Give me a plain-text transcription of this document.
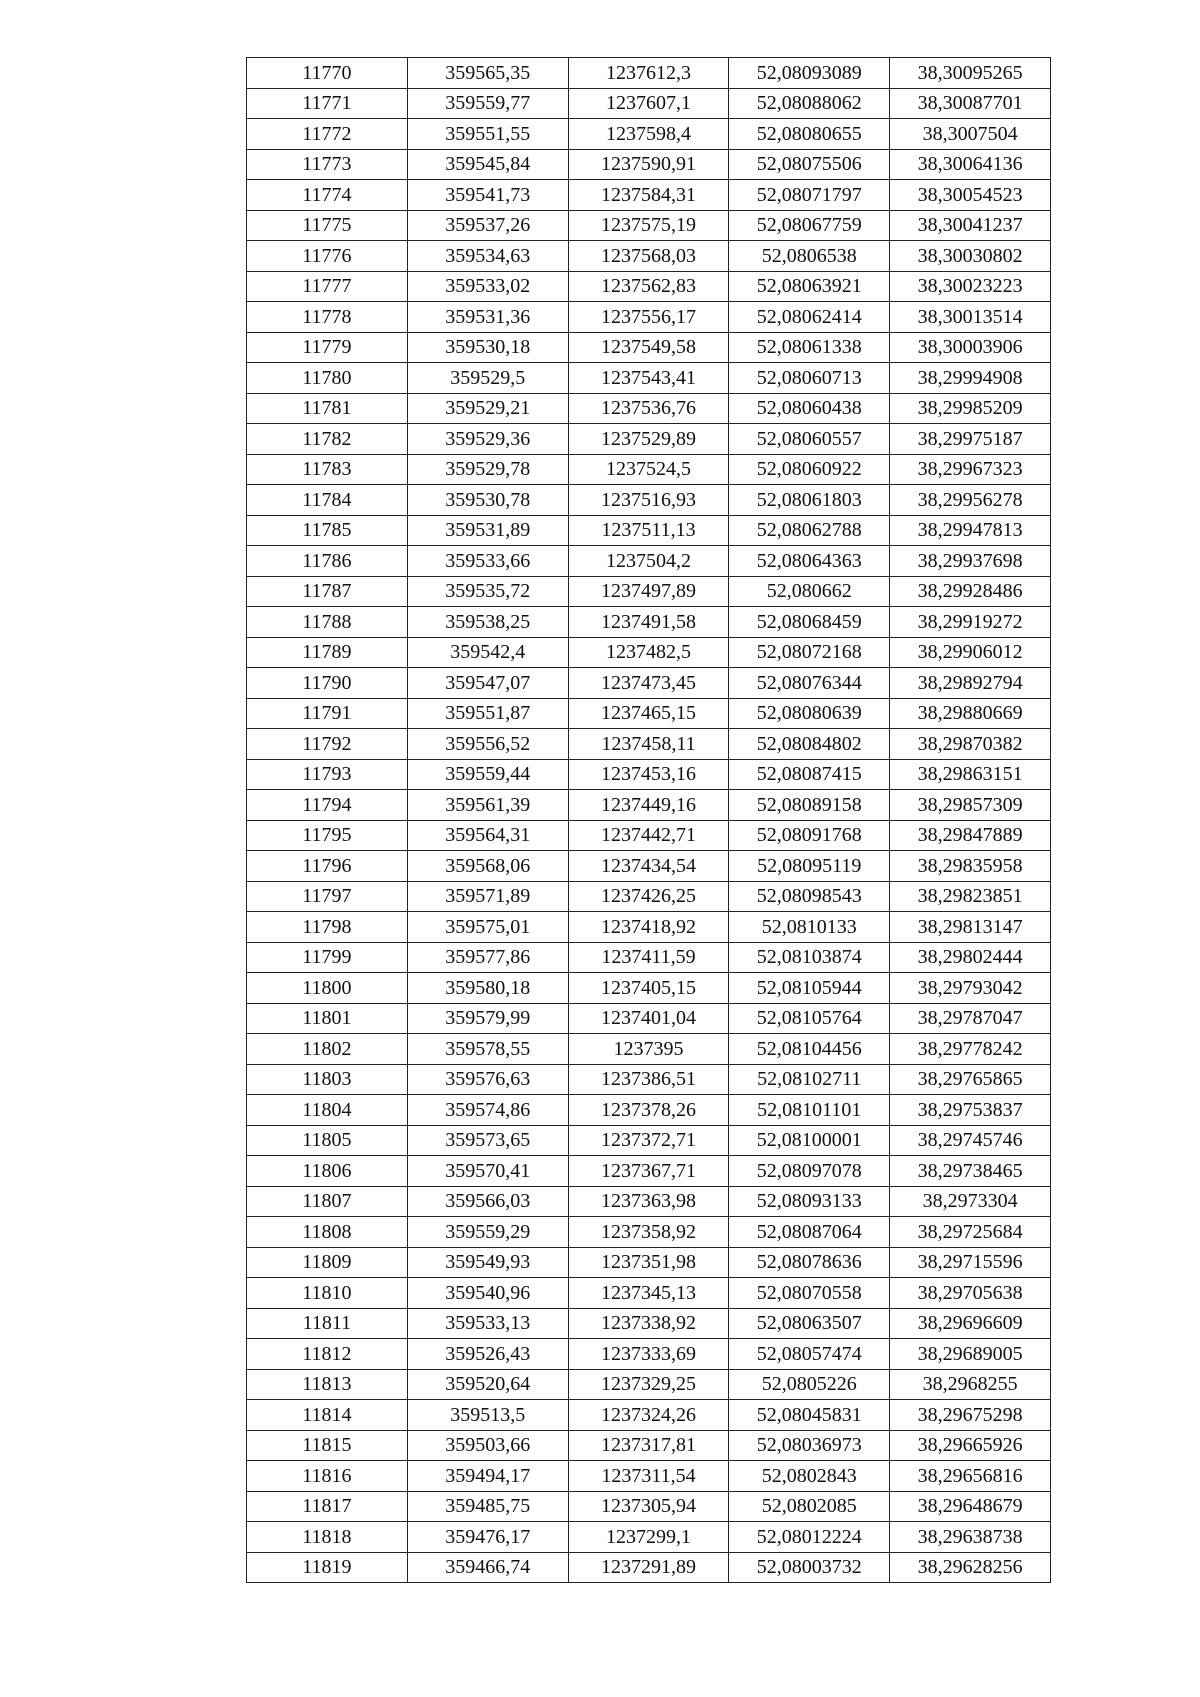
11770	359565,35	1237612,3	52,08093089	38,30095265
11771	359559,77	1237607,1	52,08088062	38,30087701
11772	359551,55	1237598,4	52,08080655	38,3007504
11773	359545,84	1237590,91	52,08075506	38,30064136
11774	359541,73	1237584,31	52,08071797	38,30054523
11775	359537,26	1237575,19	52,08067759	38,30041237
11776	359534,63	1237568,03	52,0806538	38,30030802
11777	359533,02	1237562,83	52,08063921	38,30023223
11778	359531,36	1237556,17	52,08062414	38,30013514
11779	359530,18	1237549,58	52,08061338	38,30003906
11780	359529,5	1237543,41	52,08060713	38,29994908
11781	359529,21	1237536,76	52,08060438	38,29985209
11782	359529,36	1237529,89	52,08060557	38,29975187
11783	359529,78	1237524,5	52,08060922	38,29967323
11784	359530,78	1237516,93	52,08061803	38,29956278
11785	359531,89	1237511,13	52,08062788	38,29947813
11786	359533,66	1237504,2	52,08064363	38,29937698
11787	359535,72	1237497,89	52,080662	38,29928486
11788	359538,25	1237491,58	52,08068459	38,29919272
11789	359542,4	1237482,5	52,08072168	38,29906012
11790	359547,07	1237473,45	52,08076344	38,29892794
11791	359551,87	1237465,15	52,08080639	38,29880669
11792	359556,52	1237458,11	52,08084802	38,29870382
11793	359559,44	1237453,16	52,08087415	38,29863151
11794	359561,39	1237449,16	52,08089158	38,29857309
11795	359564,31	1237442,71	52,08091768	38,29847889
11796	359568,06	1237434,54	52,08095119	38,29835958
11797	359571,89	1237426,25	52,08098543	38,29823851
11798	359575,01	1237418,92	52,0810133	38,29813147
11799	359577,86	1237411,59	52,08103874	38,29802444
11800	359580,18	1237405,15	52,08105944	38,29793042
11801	359579,99	1237401,04	52,08105764	38,29787047
11802	359578,55	1237395	52,08104456	38,29778242
11803	359576,63	1237386,51	52,08102711	38,29765865
11804	359574,86	1237378,26	52,08101101	38,29753837
11805	359573,65	1237372,71	52,08100001	38,29745746
11806	359570,41	1237367,71	52,08097078	38,29738465
11807	359566,03	1237363,98	52,08093133	38,2973304
11808	359559,29	1237358,92	52,08087064	38,29725684
11809	359549,93	1237351,98	52,08078636	38,29715596
11810	359540,96	1237345,13	52,08070558	38,29705638
11811	359533,13	1237338,92	52,08063507	38,29696609
11812	359526,43	1237333,69	52,08057474	38,29689005
11813	359520,64	1237329,25	52,0805226	38,2968255
11814	359513,5	1237324,26	52,08045831	38,29675298
11815	359503,66	1237317,81	52,08036973	38,29665926
11816	359494,17	1237311,54	52,0802843	38,29656816
11817	359485,75	1237305,94	52,0802085	38,29648679
11818	359476,17	1237299,1	52,08012224	38,29638738
11819	359466,74	1237291,89	52,08003732	38,29628256
